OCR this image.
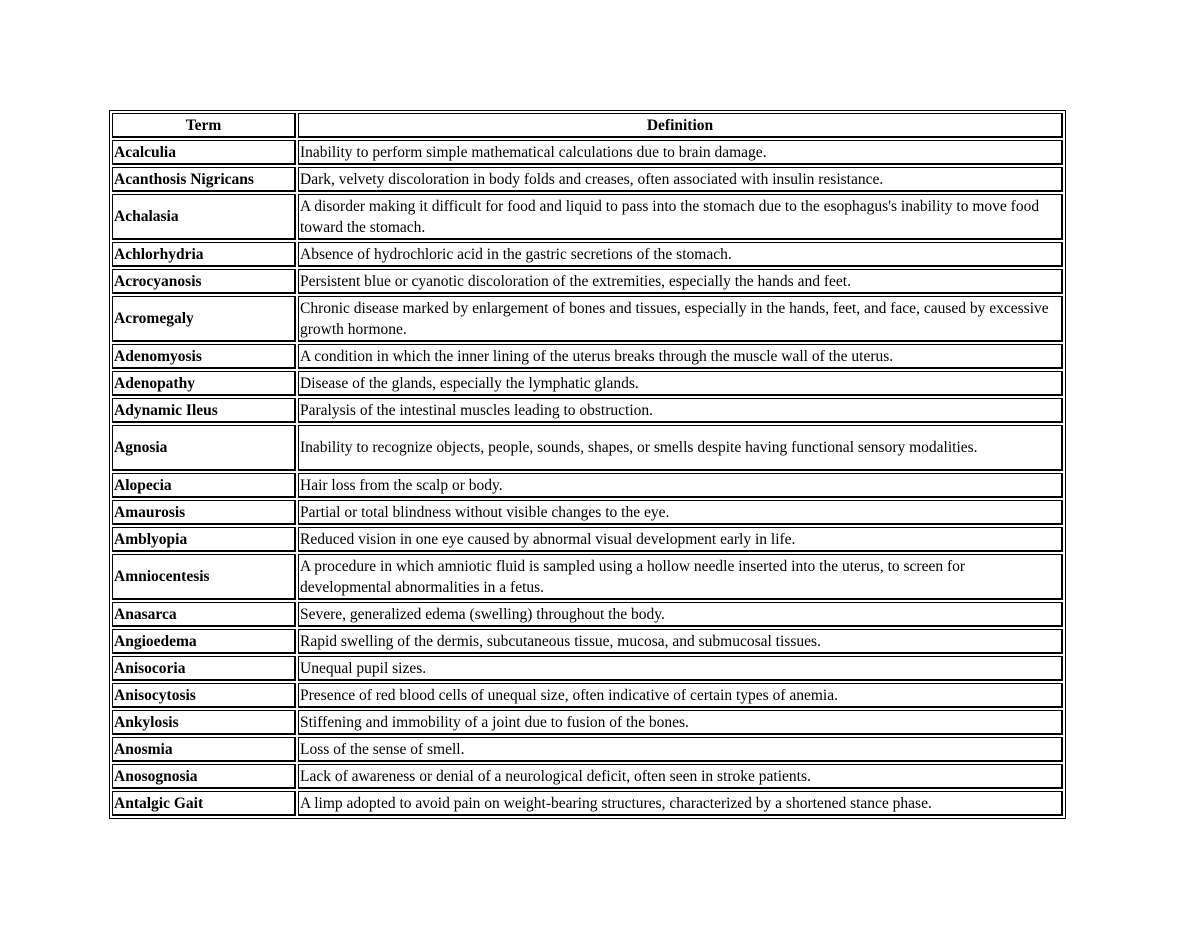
Term	Definition
Acalculia	Inability to perform simple mathematical calculations due to brain damage.
Acanthosis Nigricans	Dark, velvety discoloration in body folds and creases, often associated with insulin resistance.
Achalasia	A disorder making it difficult for food and liquid to pass into the stomach due to the esophagus's inability to move food toward the stomach.
Achlorhydria	Absence of hydrochloric acid in the gastric secretions of the stomach.
Acrocyanosis	Persistent blue or cyanotic discoloration of the extremities, especially the hands and feet.
Acromegaly	Chronic disease marked by enlargement of bones and tissues, especially in the hands, feet, and face, caused by excessive growth hormone.
Adenomyosis	A condition in which the inner lining of the uterus breaks through the muscle wall of the uterus.
Adenopathy	Disease of the glands, especially the lymphatic glands.
Adynamic Ileus	Paralysis of the intestinal muscles leading to obstruction.
Agnosia	Inability to recognize objects, people, sounds, shapes, or smells despite having functional sensory modalities.
Alopecia	Hair loss from the scalp or body.
Amaurosis	Partial or total blindness without visible changes to the eye.
Amblyopia	Reduced vision in one eye caused by abnormal visual development early in life.
Amniocentesis	A procedure in which amniotic fluid is sampled using a hollow needle inserted into the uterus, to screen for developmental abnormalities in a fetus.
Anasarca	Severe, generalized edema (swelling) throughout the body.
Angioedema	Rapid swelling of the dermis, subcutaneous tissue, mucosa, and submucosal tissues.
Anisocoria	Unequal pupil sizes.
Anisocytosis	Presence of red blood cells of unequal size, often indicative of certain types of anemia.
Ankylosis	Stiffening and immobility of a joint due to fusion of the bones.
Anosmia	Loss of the sense of smell.
Anosognosia	Lack of awareness or denial of a neurological deficit, often seen in stroke patients.
Antalgic Gait	A limp adopted to avoid pain on weight-bearing structures, characterized by a shortened stance phase.
